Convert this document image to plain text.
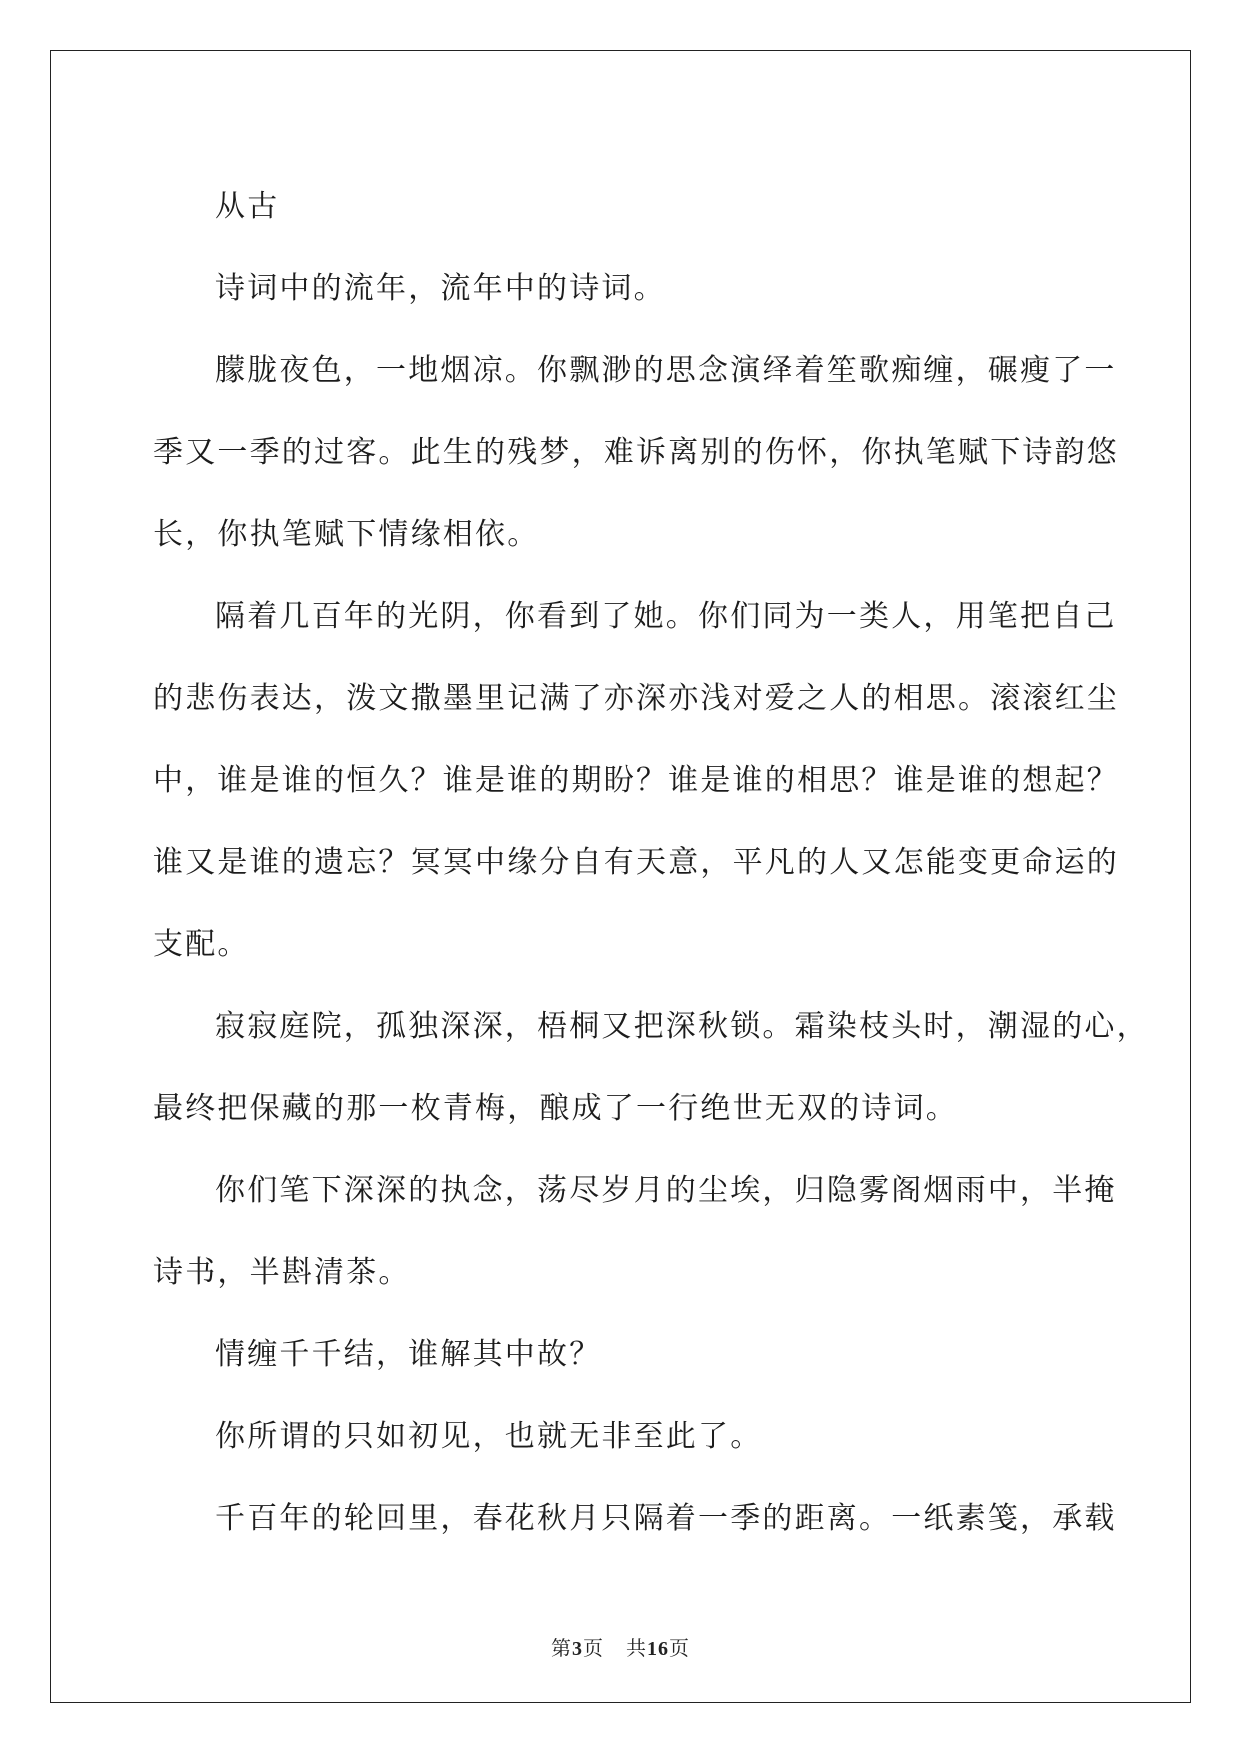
从古

诗词中的流年，流年中的诗词。

朦胧夜色，一地烟凉。你飘渺的思念演绎着笙歌痴缠，碾瘦了一

季又一季的过客。此生的残梦，难诉离别的伤怀，你执笔赋下诗韵悠

长，你执笔赋下情缘相依。

隔着几百年的光阴，你看到了她。你们同为一类人，用笔把自己

的悲伤表达，泼文撒墨里记满了亦深亦浅对爱之人的相思。滚滚红尘

中，谁是谁的恒久？谁是谁的期盼？谁是谁的相思？谁是谁的想起？

谁又是谁的遗忘？冥冥中缘分自有天意，平凡的人又怎能变更命运的

支配。

寂寂庭院，孤独深深，梧桐又把深秋锁。霜染枝头时，潮湿的心，

最终把保藏的那一枚青梅，酿成了一行绝世无双的诗词。

你们笔下深深的执念，荡尽岁月的尘埃，归隐雾阁烟雨中，半掩

诗书，半斟清茶。

情缠千千结，谁解其中故？

你所谓的只如初见，也就无非至此了。

千百年的轮回里，春花秋月只隔着一季的距离。一纸素笺，承载

第3页 共16页
